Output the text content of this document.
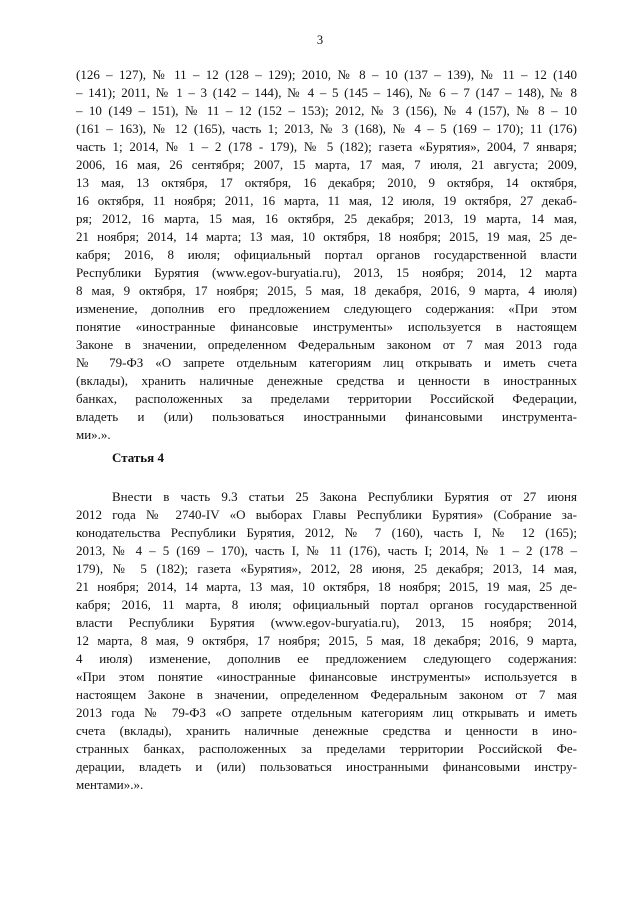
3
(126 – 127), № 11 – 12 (128 – 129); 2010, № 8 – 10 (137 – 139), № 11 – 12 (140
– 141); 2011, № 1 – 3 (142 – 144), № 4 – 5 (145 – 146), № 6 – 7 (147 – 148), № 8
– 10 (149 – 151), № 11 – 12 (152 – 153); 2012, № 3 (156), № 4 (157), № 8 – 10
(161 – 163), № 12 (165), часть 1; 2013, № 3 (168), № 4 – 5 (169 – 170); 11 (176)
часть 1; 2014, № 1 – 2 (178 - 179), № 5 (182); газета «Бурятия», 2004, 7 января;
2006, 16 мая, 26 сентября; 2007, 15 марта, 17 мая, 7 июля, 21 августа; 2009,
13 мая, 13 октября, 17 октября, 16 декабря; 2010, 9 октября, 14 октября,
16 октября, 11 ноября; 2011, 16 марта, 11 мая, 12 июля, 19 октября, 27 декаб-
ря; 2012, 16 марта, 15 мая, 16 октября, 25 декабря; 2013, 19 марта, 14 мая,
21 ноября; 2014, 14 марта; 13 мая, 10 октября, 18 ноября; 2015, 19 мая, 25 де-
кабря; 2016, 8 июля; официальный портал органов государственной власти
Республики Бурятия (www.egov-buryatia.ru), 2013, 15 ноября; 2014, 12 марта
8 мая, 9 октября, 17 ноября; 2015, 5 мая, 18 декабря, 2016, 9 марта, 4 июля)
изменение, дополнив его предложением следующего содержания: «При этом
понятие «иностранные финансовые инструменты» используется в настоящем
Законе в значении, определенном Федеральным законом от 7 мая 2013 года
№ 79-ФЗ «О запрете отдельным категориям лиц открывать и иметь счета
(вклады), хранить наличные денежные средства и ценности в иностранных
банках, расположенных за пределами территории Российской Федерации,
владеть и (или) пользоваться иностранными финансовыми инструмента-
ми».».
Статья 4
Внести в часть 9.3 статьи 25 Закона Республики Бурятия от 27 июня
2012 года № 2740-IV «О выборах Главы Республики Бурятия» (Собрание за-
конодательства Республики Бурятия, 2012, № 7 (160), часть I, № 12 (165);
2013, № 4 – 5 (169 – 170), часть I, № 11 (176), часть I; 2014, № 1 – 2 (178 –
179), № 5 (182); газета «Бурятия», 2012, 28 июня, 25 декабря; 2013, 14 мая,
21 ноября; 2014, 14 марта, 13 мая, 10 октября, 18 ноября; 2015, 19 мая, 25 де-
кабря; 2016, 11 марта, 8 июля; официальный портал органов государственной
власти Республики Бурятия (www.egov-buryatia.ru), 2013, 15 ноября; 2014,
12 марта, 8 мая, 9 октября, 17 ноября; 2015, 5 мая, 18 декабря; 2016, 9 марта,
4 июля) изменение, дополнив ее предложением следующего содержания:
«При этом понятие «иностранные финансовые инструменты» используется в
настоящем Законе в значении, определенном Федеральным законом от 7 мая
2013 года № 79-ФЗ «О запрете отдельным категориям лиц открывать и иметь
счета (вклады), хранить наличные денежные средства и ценности в ино-
странных банках, расположенных за пределами территории Российской Фе-
дерации, владеть и (или) пользоваться иностранными финансовыми инстру-
ментами».».
